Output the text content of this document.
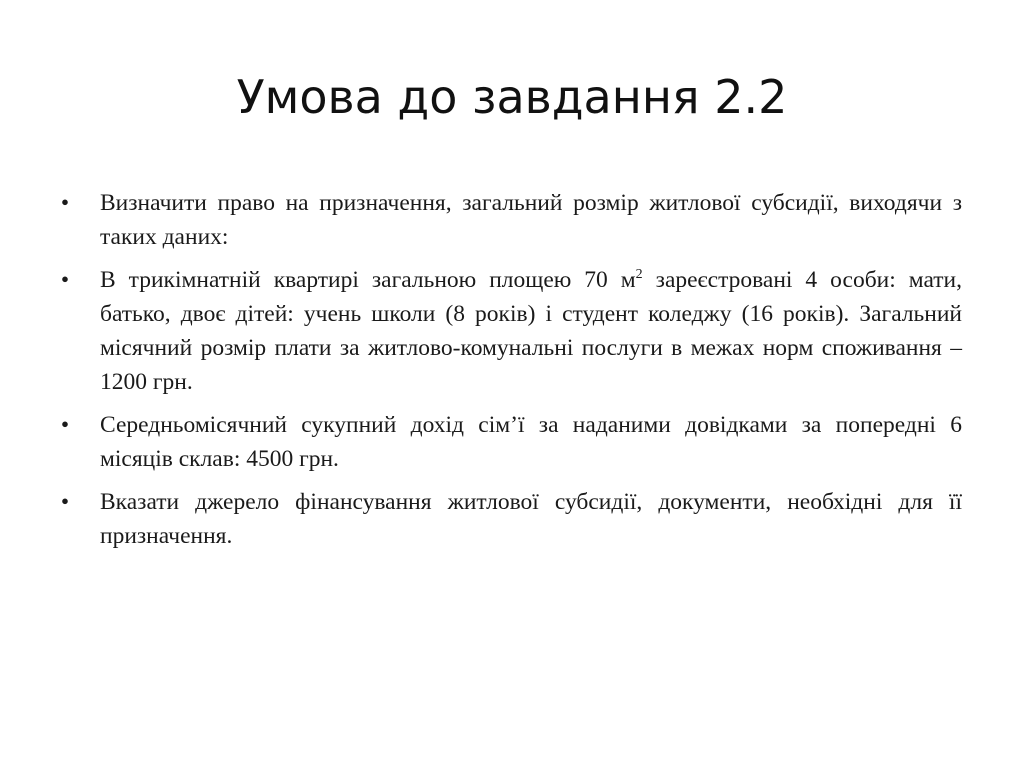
Умова до завдання 2.2
• Визначити право на призначення, загальний розмір житлової субсидії, виходячи з таких даних:
• В трикімнатній квартирі загальною площею 70 $м^2$ зареєстровані 4 особи: мати, батько, двоє дітей: учень школи (8 років) і студент коледжу (16 років). Загальний місячний розмір плати за житлово-комунальні послуги в межах норм споживання – 1200 грн.
• Середньомісячний сукупний дохід сім’ї за наданими довідками за попередні 6 місяців склав: 4500 грн.
• Вказати джерело фінансування житлової субсидії, документи, необхідні для її призначення.
